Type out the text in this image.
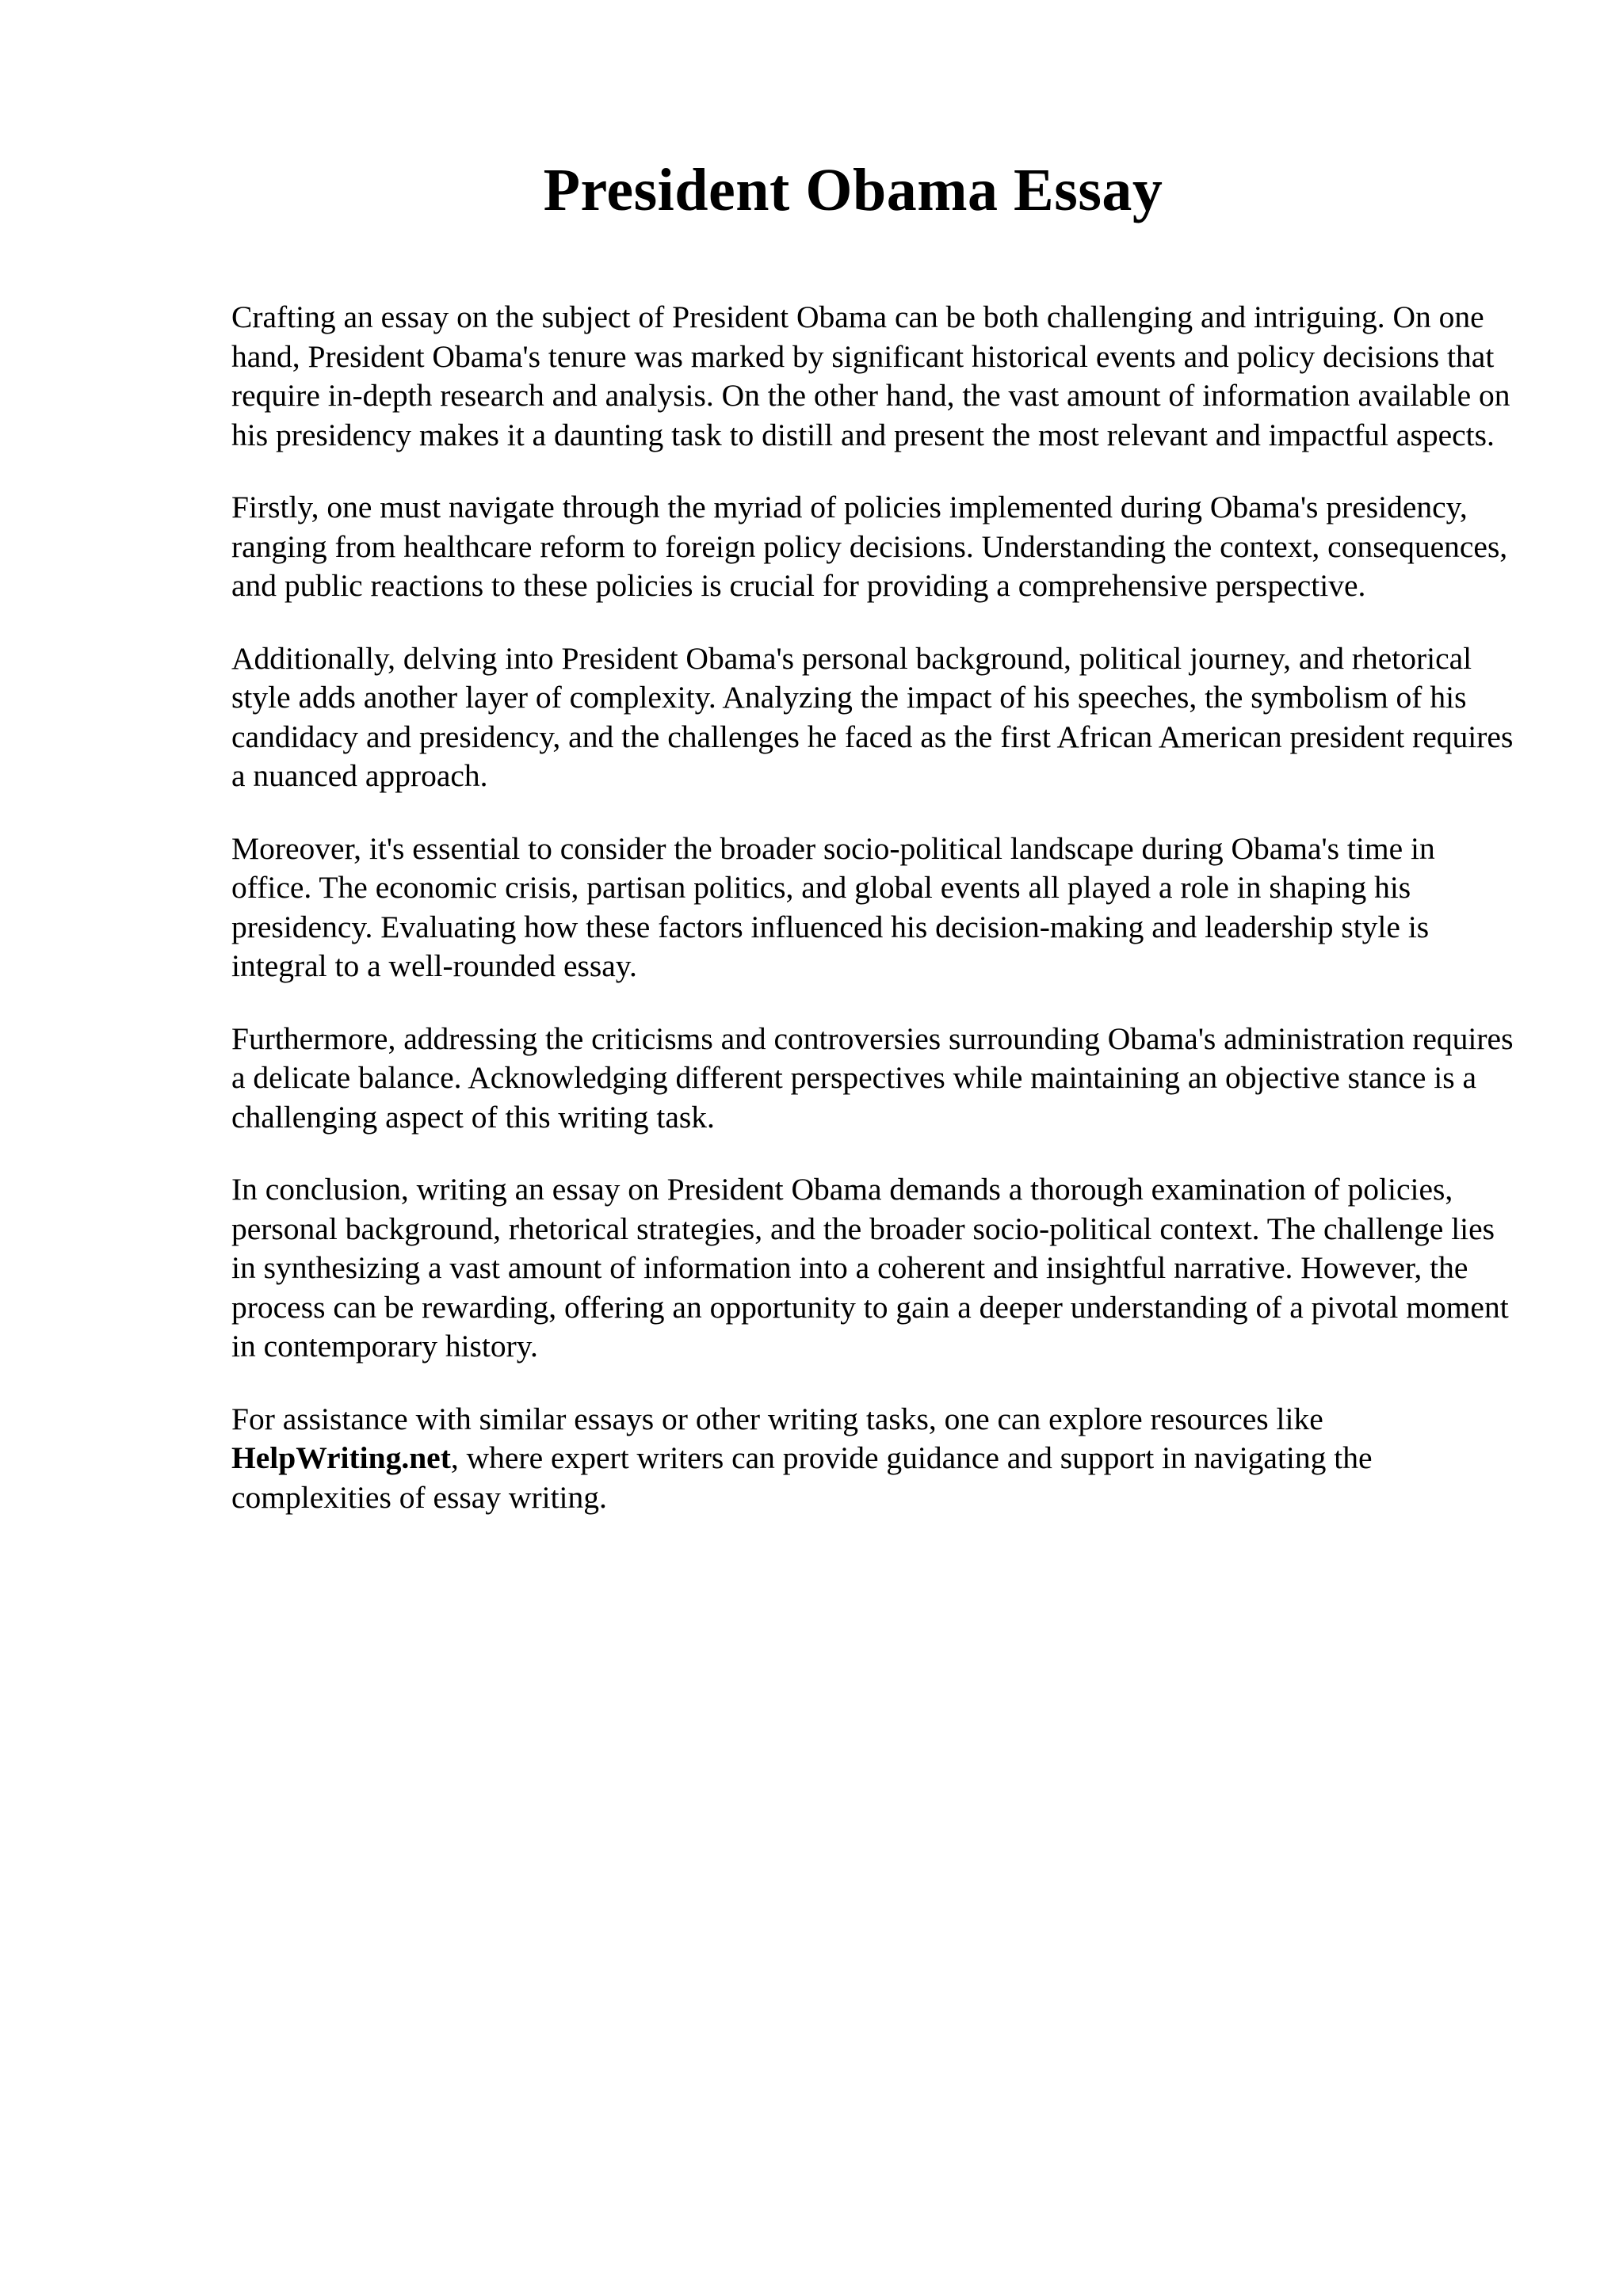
President Obama Essay

Crafting an essay on the subject of President Obama can be both challenging and intriguing. On one hand, President Obama's tenure was marked by significant historical events and policy decisions that require in-depth research and analysis. On the other hand, the vast amount of information available on his presidency makes it a daunting task to distill and present the most relevant and impactful aspects.

Firstly, one must navigate through the myriad of policies implemented during Obama's presidency, ranging from healthcare reform to foreign policy decisions. Understanding the context, consequences, and public reactions to these policies is crucial for providing a comprehensive perspective.

Additionally, delving into President Obama's personal background, political journey, and rhetorical style adds another layer of complexity. Analyzing the impact of his speeches, the symbolism of his candidacy and presidency, and the challenges he faced as the first African American president requires a nuanced approach.

Moreover, it's essential to consider the broader socio-political landscape during Obama's time in office. The economic crisis, partisan politics, and global events all played a role in shaping his presidency. Evaluating how these factors influenced his decision-making and leadership style is integral to a well-rounded essay.

Furthermore, addressing the criticisms and controversies surrounding Obama's administration requires a delicate balance. Acknowledging different perspectives while maintaining an objective stance is a challenging aspect of this writing task.

In conclusion, writing an essay on President Obama demands a thorough examination of policies, personal background, rhetorical strategies, and the broader socio-political context. The challenge lies in synthesizing a vast amount of information into a coherent and insightful narrative. However, the process can be rewarding, offering an opportunity to gain a deeper understanding of a pivotal moment in contemporary history.

For assistance with similar essays or other writing tasks, one can explore resources like HelpWriting.net, where expert writers can provide guidance and support in navigating the complexities of essay writing.
